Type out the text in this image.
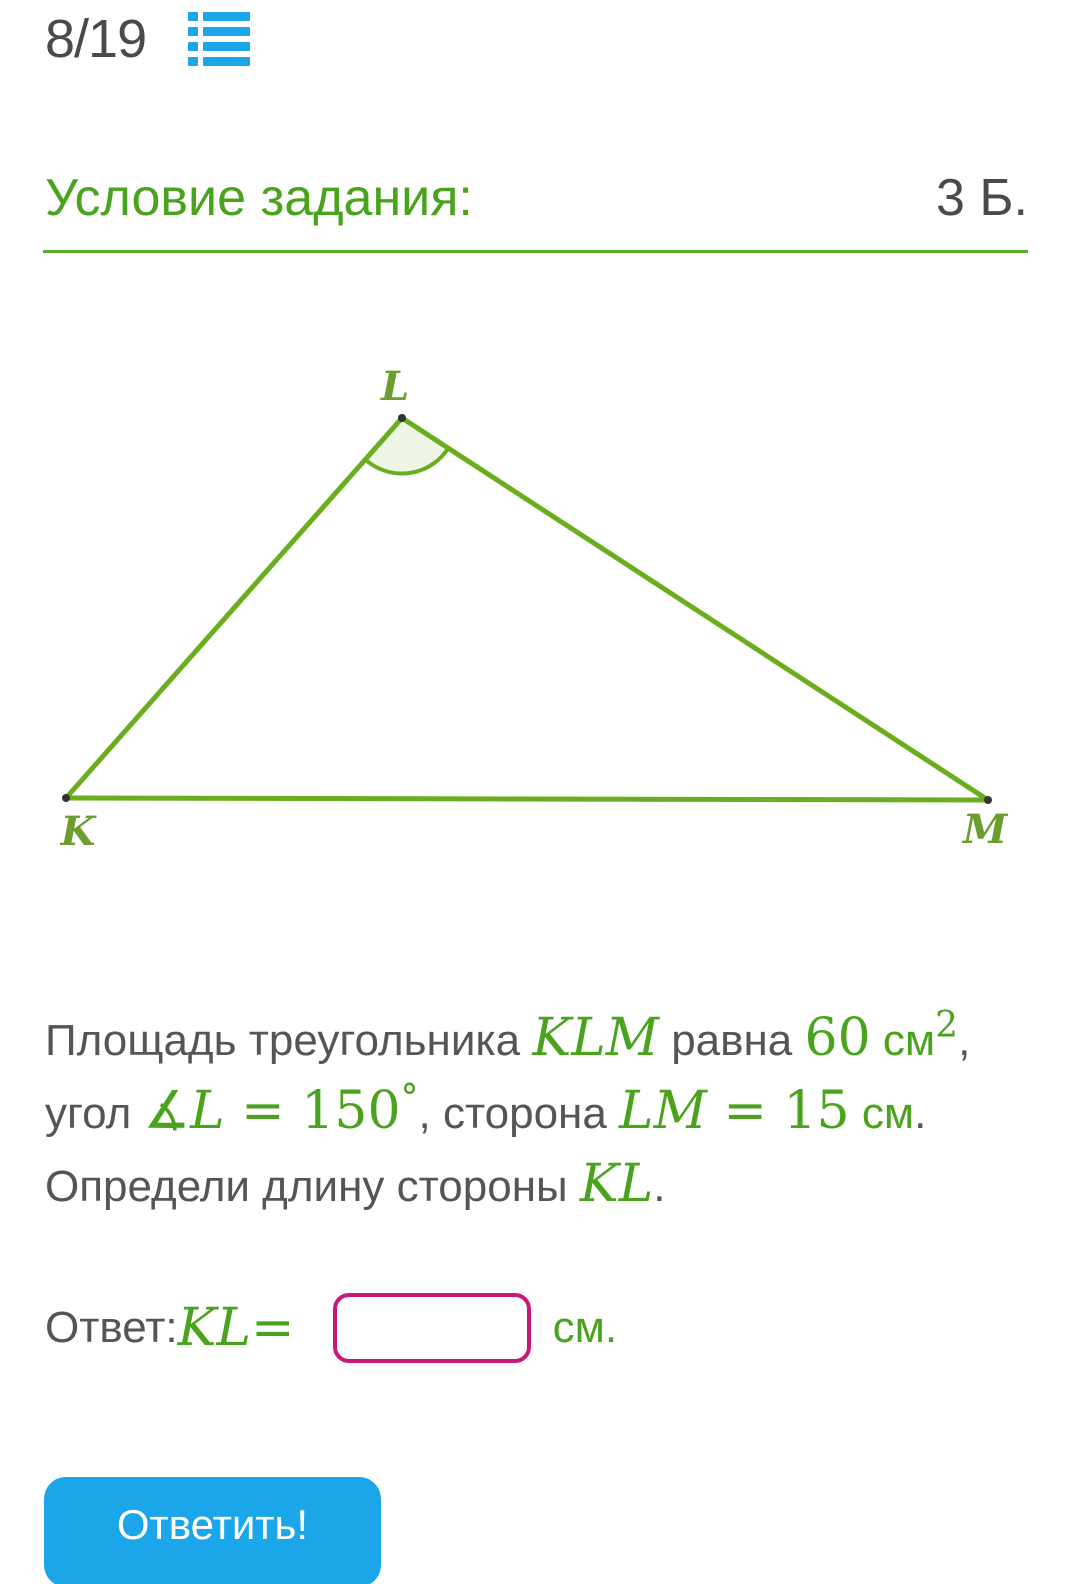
8/19
Условие задания:	3 Б.
L
K	M
Площадь треугольника KLM равна 60 $см^2$,
угол ∡L = 150°, сторона LM = 15 см.
Определи длину стороны KL.
Ответ: KL =	см.
Ответить!
